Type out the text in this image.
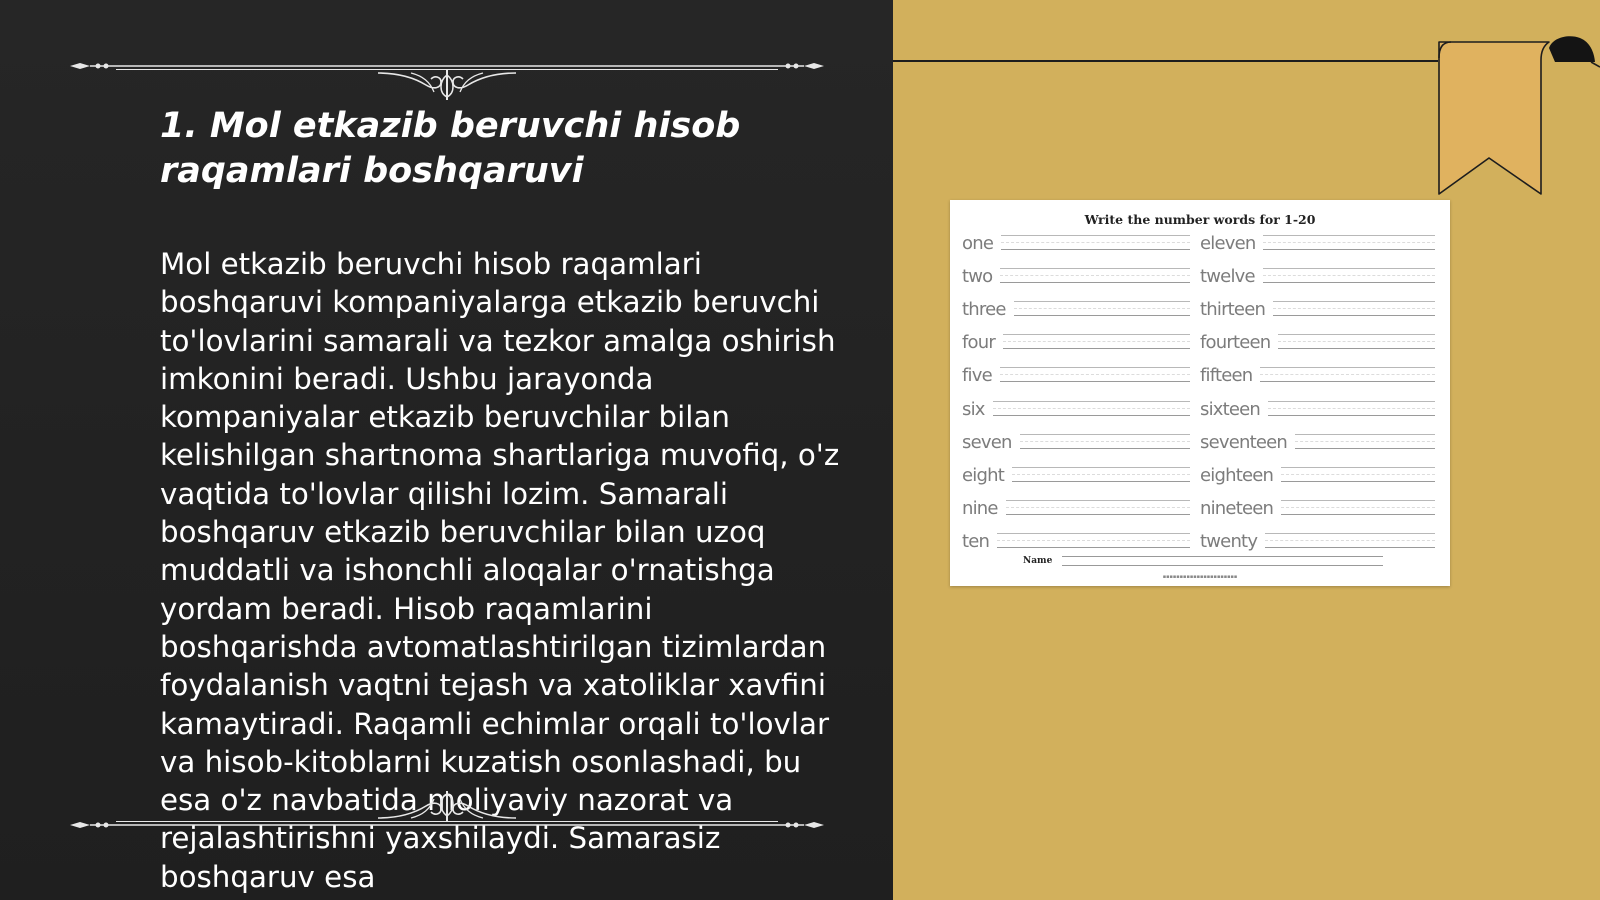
1. Mol etkazib beruvchi hisob raqamlari boshqaruvi

Mol etkazib beruvchi hisob raqamlari boshqaruvi kompaniyalarga etkazib beruvchi to'lovlarini samarali va tezkor amalga oshirish imkonini beradi. Ushbu jarayonda kompaniyalar etkazib beruvchilar bilan kelishilgan shartnoma shartlariga muvofiq, o'z vaqtida to'lovlar qilishi lozim. Samarali boshqaruv etkazib beruvchilar bilan uzoq muddatli va ishonchli aloqalar o'rnatishga yordam beradi. Hisob raqamlarini boshqarishda avtomatlashtirilgan tizimlardan foydalanish vaqtni tejash va xatoliklar xavfini kamaytiradi. Raqamli echimlar orqali to'lovlar va hisob-kitoblarni kuzatish osonlashadi, bu esa o'z navbatida moliyaviy nazorat va rejalashtirishni yaxshilaydi. Samarasiz boshqaruv esa

Write the number words for 1-20
one
two
three
four
five
six
seven
eight
nine
ten
eleven
twelve
thirteen
fourteen
fifteen
sixteen
seventeen
eighteen
nineteen
twenty
Name
▪▪▪▪▪▪▪▪▪▪▪▪▪▪▪▪▪▪▪▪▪▪
